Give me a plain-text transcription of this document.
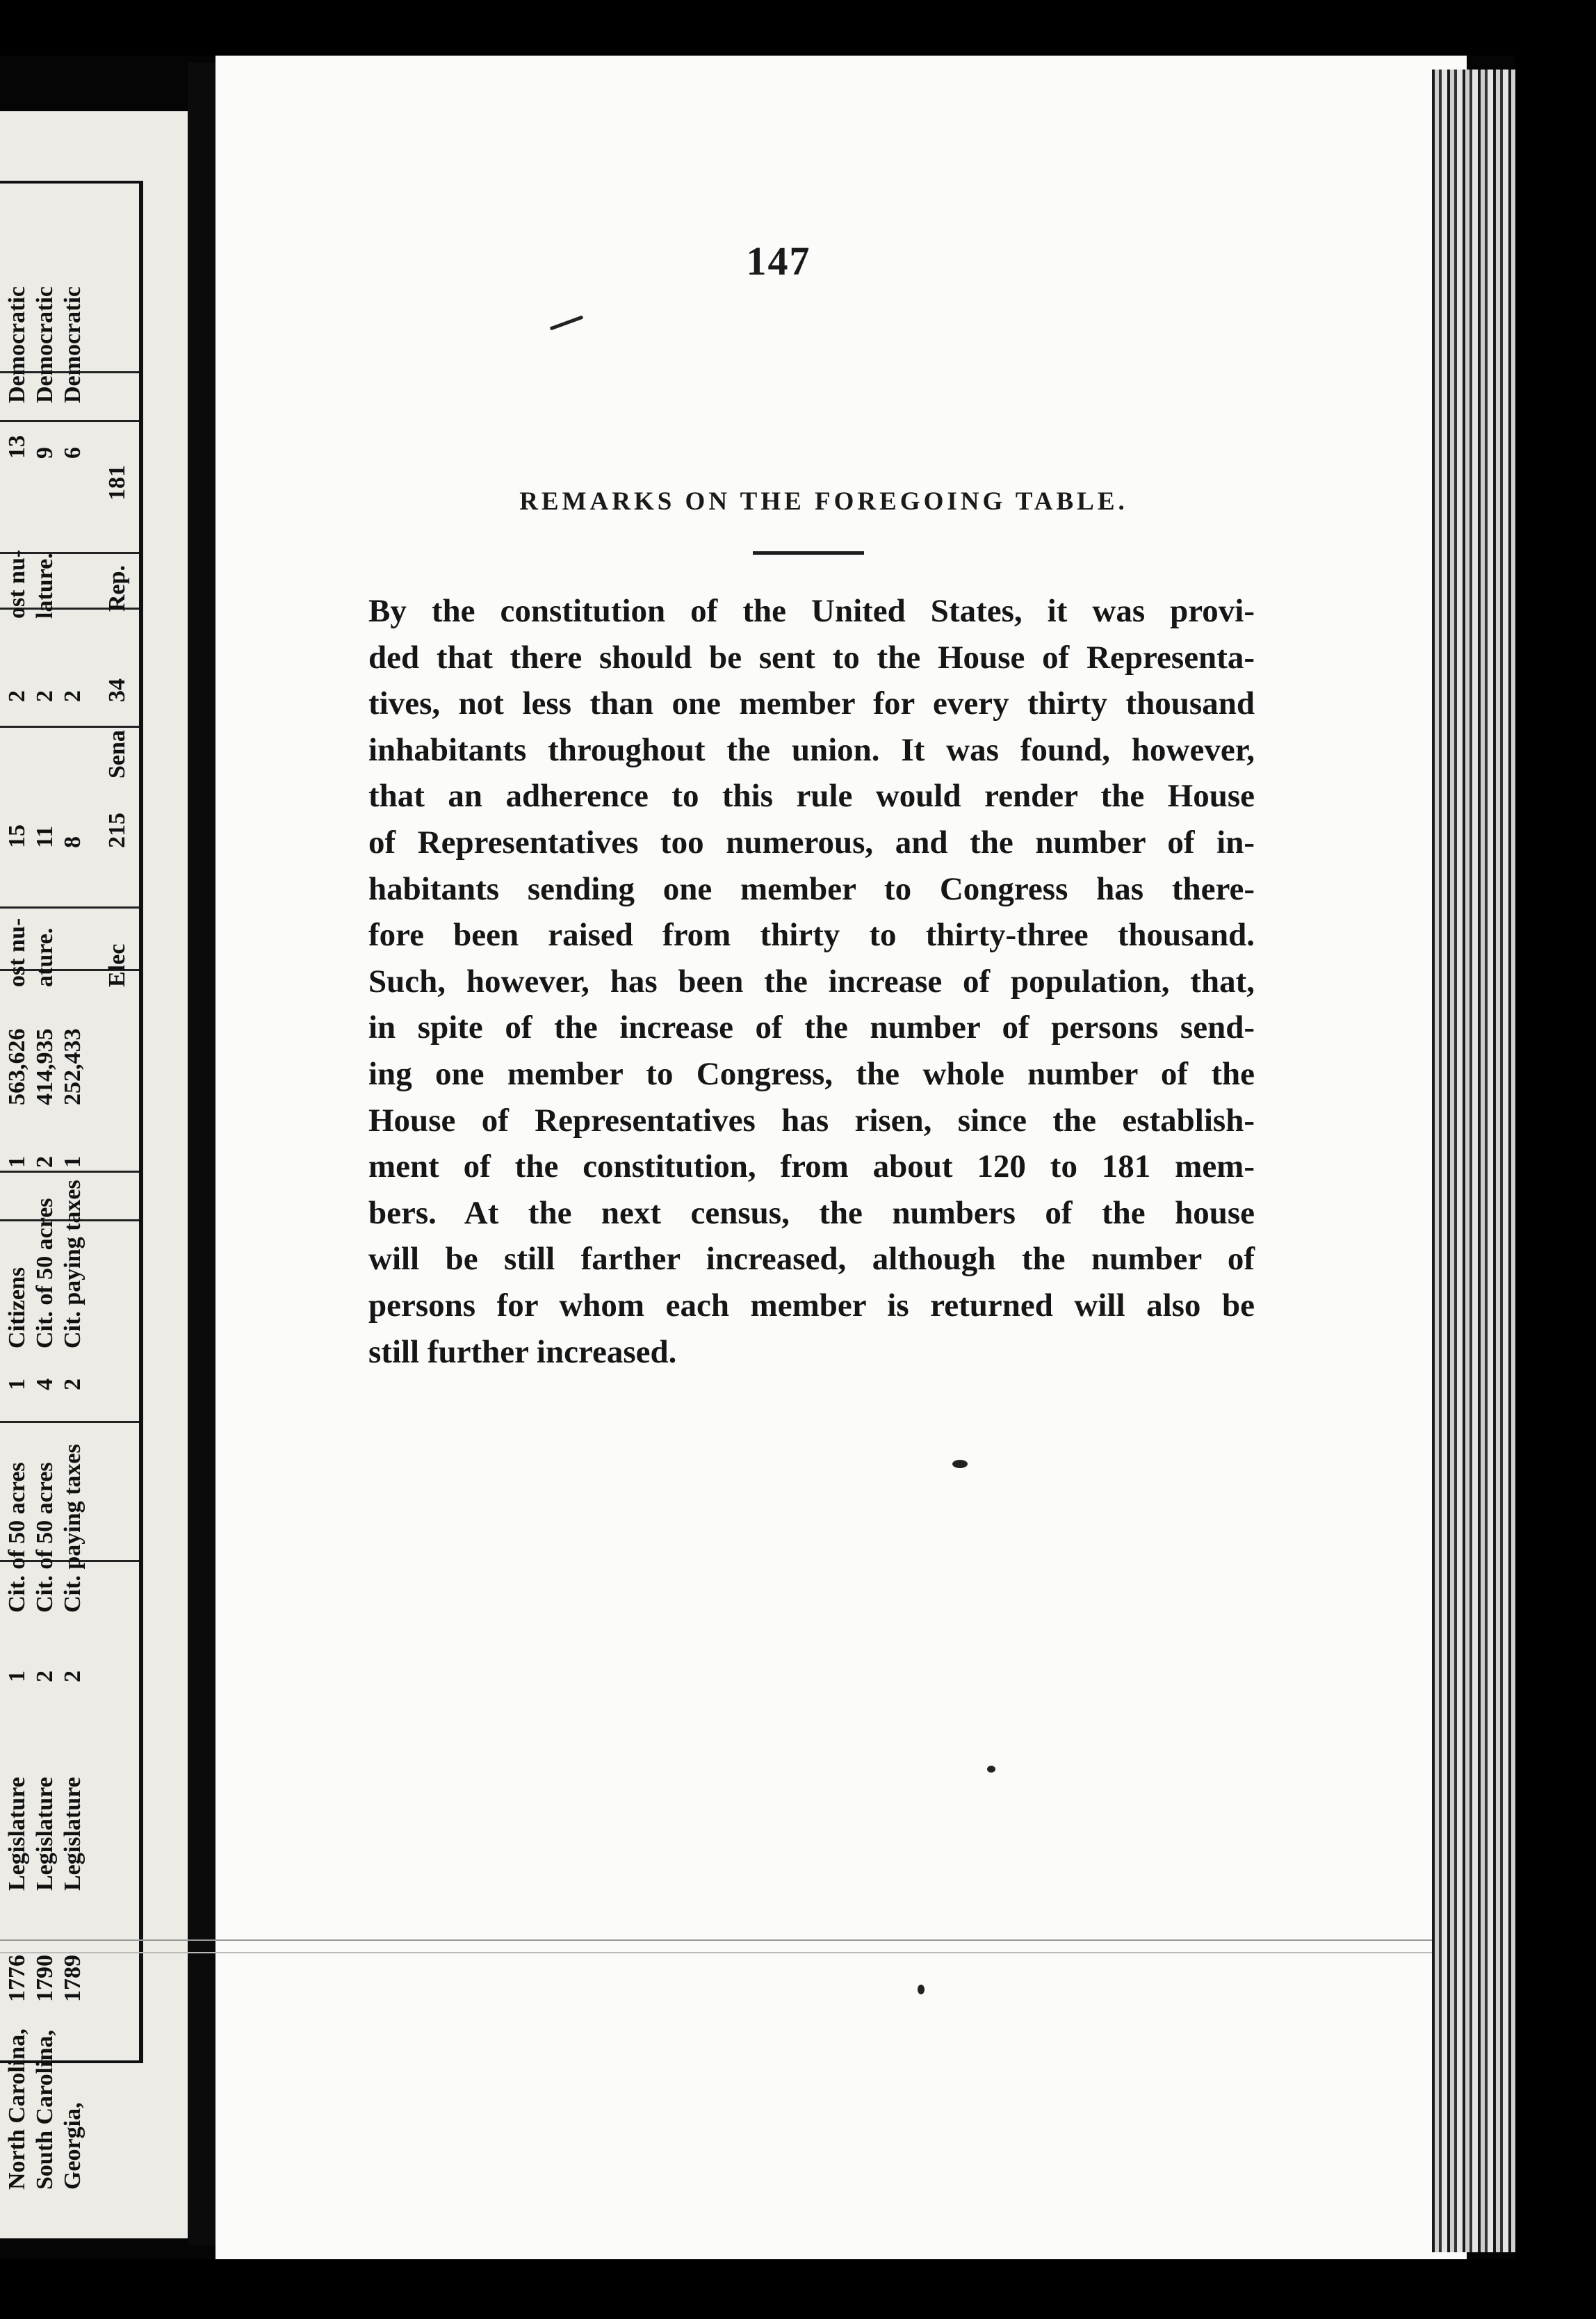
Democratic Democratic Democratic
13 9 6
181
ost nu- lature. Rep.
2 2 2 34
Sena
15 11 8 215
ost nu- ature. Elec
563,626 414,935 252,433
1 2 1
Citizens Cit. of 50 acres Cit. paying taxes
1 4 2
Cit. of 50 acres Cit. of 50 acres Cit. paying taxes
1 2 2
Legislature Legislature Legislature
1776 1790 1789
North Carolina, South Carolina, Georgia,
147
REMARKS ON THE FOREGOING TABLE.
By the constitution of the United States, it was provi-
ded that there should be sent to the House of Representa-
tives, not less than one member for every thirty thousand
inhabitants throughout the union. It was found, however,
that an adherence to this rule would render the House
of Representatives too numerous, and the number of in-
habitants sending one member to Congress has there-
fore been raised from thirty to thirty-three thousand.
Such, however, has been the increase of population, that,
in spite of the increase of the number of persons send-
ing one member to Congress, the whole number of the
House of Representatives has risen, since the establish-
ment of the constitution, from about 120 to 181 mem-
bers. At the next census, the numbers of the house
will be still farther increased, although the number of
persons for whom each member is returned will also be
still further increased.
